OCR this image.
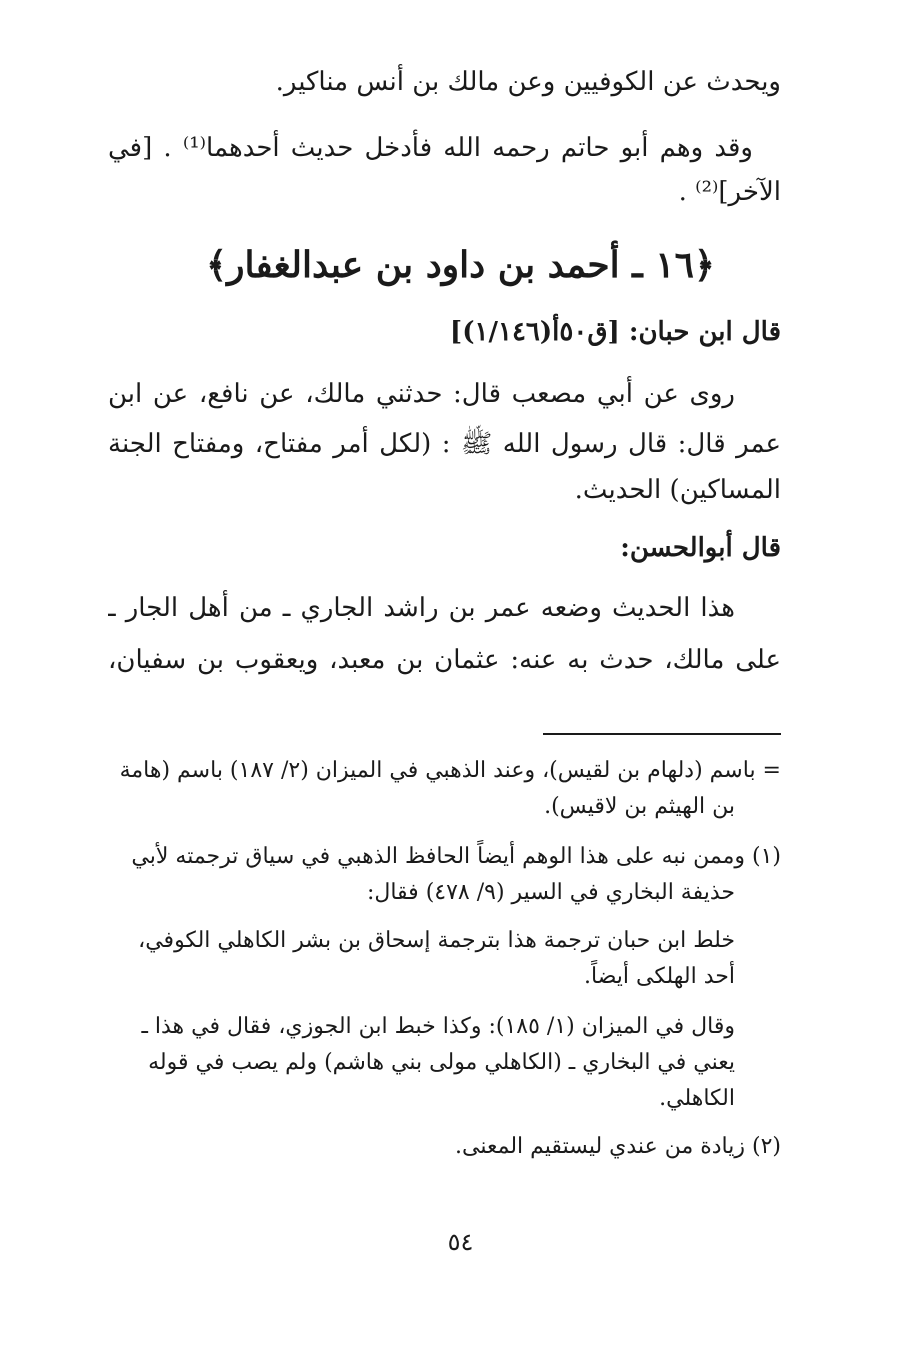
ويحدث عن الكوفيين وعن مالك بن أنس مناكير.
وقد وهم أبو حاتم رحمه الله فأدخل حديث أحدهما⁽¹⁾ . [في
الآخر]⁽²⁾ .
﴿١٦ ـ أحمد بن داود بن عبدالغفار﴾
قال ابن حبان: [ق٥٠أ(١/١٤٦)]
روى عن أبي مصعب قال: حدثني مالك، عن نافع، عن ابن
عمر قال: قال رسول الله ﷺ : (لكل أمر مفتاح، ومفتاح الجنة
المساكين) الحديث.
قال أبوالحسن:
هذا الحديث وضعه عمر بن راشد الجاري ـ من أهل الجار ـ
على مالك، حدث به عنه: عثمان بن معبد، ويعقوب بن سفيان،
= باسم (دلهام بن لقيس)، وعند الذهبي في الميزان (٢/ ١٨٧) باسم (هامة
بن الهيثم بن لاقيس).
(١) وممن نبه على هذا الوهم أيضاً الحافظ الذهبي في سياق ترجمته لأبي
حذيفة البخاري في السير (٩/ ٤٧٨) فقال:
خلط ابن حبان ترجمة هذا بترجمة إسحاق بن بشر الكاهلي الكوفي،
أحد الهلكى أيضاً.
وقال في الميزان (١/ ١٨٥): وكذا خبط ابن الجوزي، فقال في هذا ـ
يعني في البخاري ـ (الكاهلي مولى بني هاشم) ولم يصب في قوله
الكاهلي.
(٢) زيادة من عندي ليستقيم المعنى.
٥٤
